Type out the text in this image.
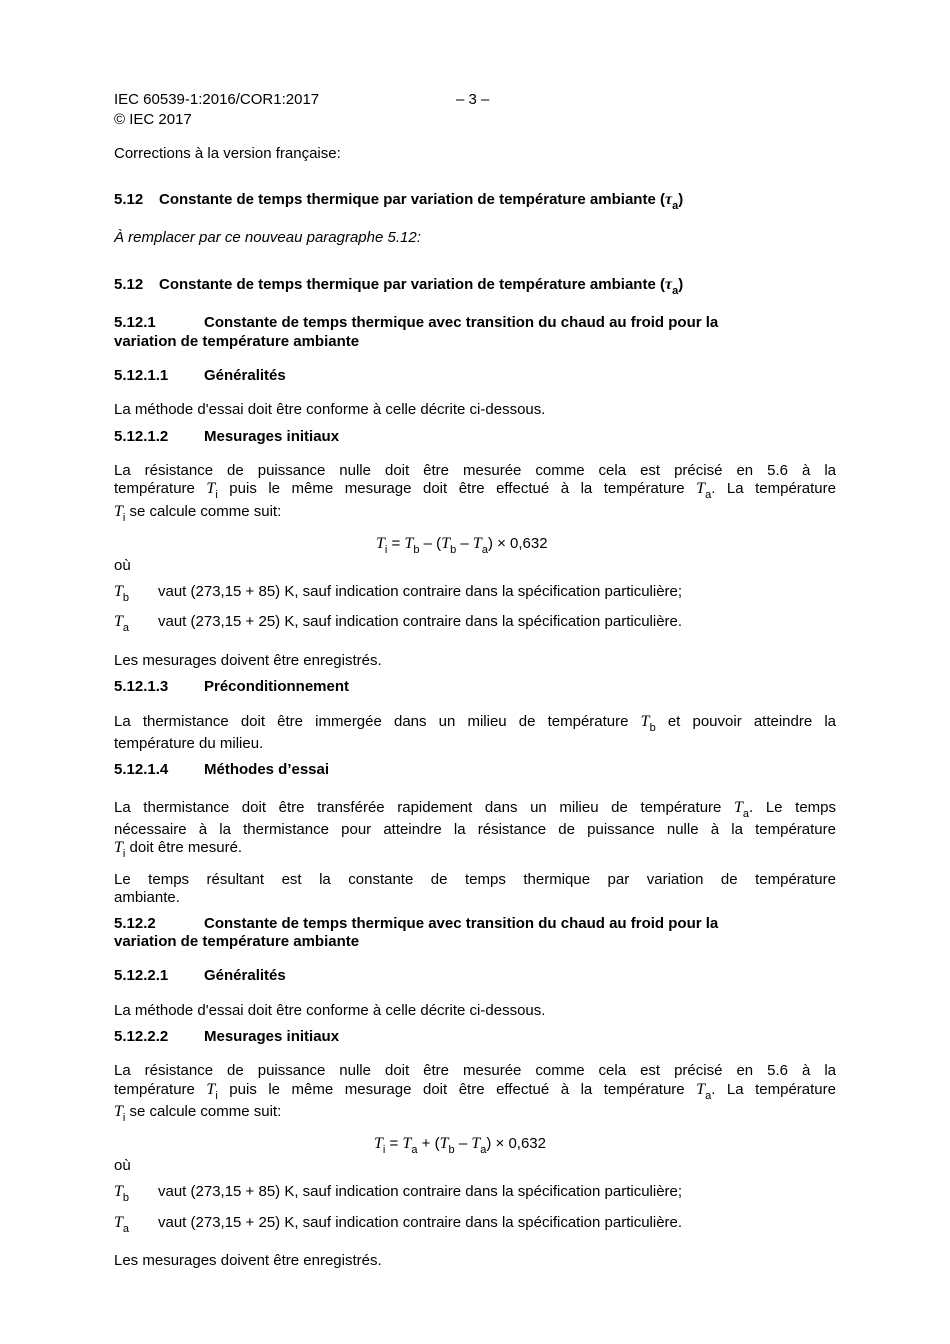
IEC 60539-1:2016/COR1:2017	– 3 –
© IEC 2017
Corrections à la version française:
5.12 Constante de temps thermique par variation de température ambiante $(\tau_a)$
À remplacer par ce nouveau paragraphe 5.12:
5.12 Constante de temps thermique par variation de température ambiante $(\tau_a)$
5.12.1	Constante de temps thermique avec transition du chaud au froid pour la
variation de température ambiante
5.12.1.1 Généralités
La méthode d'essai doit être conforme à celle décrite ci-dessous.
5.12.1.2 Mesurages initiaux
La résistance de puissance nulle doit être mesurée comme cela est précisé en 5.6 à la
température $T_i$ puis le même mesurage doit être effectué à la température $T_a$. La température
$T_i$ se calcule comme suit:
$T_i = T_b - (T_b - T_a) \times 0,632$
où
$T_b$ vaut (273,15 + 85) K, sauf indication contraire dans la spécification particulière;
$T_a$ vaut (273,15 + 25) K, sauf indication contraire dans la spécification particulière.
Les mesurages doivent être enregistrés.
5.12.1.3 Préconditionnement
La thermistance doit être immergée dans un milieu de température $T_b$ et pouvoir atteindre la
température du milieu.
5.12.1.4 Méthodes d’essai
La thermistance doit être transférée rapidement dans un milieu de température $T_a$. Le temps
nécessaire à la thermistance pour atteindre la résistance de puissance nulle à la température
$T_i$ doit être mesuré.
Le temps résultant est la constante de temps thermique par variation de température
ambiante.
5.12.2	Constante de temps thermique avec transition du chaud au froid pour la
variation de température ambiante
5.12.2.1 Généralités
La méthode d'essai doit être conforme à celle décrite ci-dessous.
5.12.2.2 Mesurages initiaux
La résistance de puissance nulle doit être mesurée comme cela est précisé en 5.6 à la
température $T_i$ puis le même mesurage doit être effectué à la température $T_a$. La température
$T_i$ se calcule comme suit:
$T_i = T_a + (T_b - T_a) \times 0,632$
où
$T_b$ vaut (273,15 + 85) K, sauf indication contraire dans la spécification particulière;
$T_a$ vaut (273,15 + 25) K, sauf indication contraire dans la spécification particulière.
Les mesurages doivent être enregistrés.
